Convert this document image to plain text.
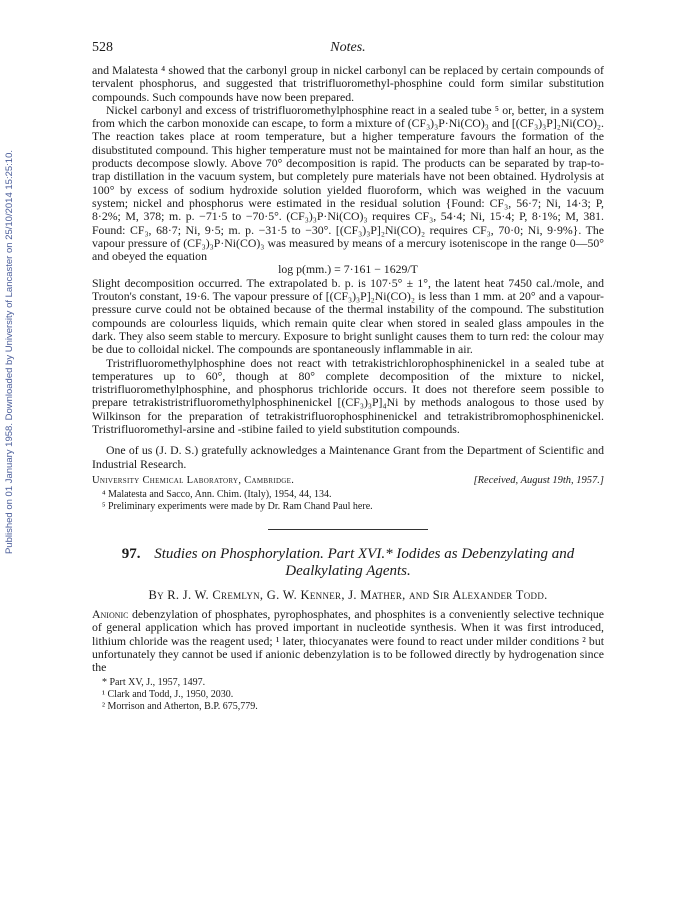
Published on 01 January 1958. Downloaded by University of Lancaster on 25/10/2014 15:25:10.
528	Notes.

and Malatesta ⁴ showed that the carbonyl group in nickel carbonyl can be replaced by certain compounds of tervalent phosphorus, and suggested that tristrifluoromethyl-phosphine could form similar substitution compounds. Such compounds have now been prepared.

Nickel carbonyl and excess of tristrifluoromethylphosphine react in a sealed tube ⁵ or, better, in a system from which the carbon monoxide can escape, to form a mixture of (CF₃)₃P·Ni(CO)₃ and [(CF₃)₃P]₂Ni(CO)₂. The reaction takes place at room temperature, but a higher temperature favours the formation of the disubstituted compound. This higher temperature must not be maintained for more than half an hour, as the products decompose slowly. Above 70° decomposition is rapid. The products can be separated by trap-to-trap distillation in the vacuum system, but completely pure materials have not been obtained. Hydrolysis at 100° by excess of sodium hydroxide solution yielded fluoroform, which was weighed in the vacuum system; nickel and phosphorus were estimated in the residual solution {Found: CF₃, 56·7; Ni, 14·3; P, 8·2%; M, 378; m. p. −71·5 to −70·5°. (CF₃)₃P·Ni(CO)₃ requires CF₃, 54·4; Ni, 15·4; P, 8·1%; M, 381. Found: CF₃, 68·7; Ni, 9·5; m. p. −31·5 to −30°. [(CF₃)₃P]₂Ni(CO)₂ requires CF₃, 70·0; Ni, 9·9%}. The vapour pressure of (CF₃)₃P·Ni(CO)₃ was measured by means of a mercury isoteniscope in the range 0—50° and obeyed the equation

log p(mm.) = 7·161 − 1629/T

Slight decomposition occurred. The extrapolated b. p. is 107·5° ± 1°, the latent heat 7450 cal./mole, and Trouton's constant, 19·6. The vapour pressure of [(CF₃)₃P]₂Ni(CO)₂ is less than 1 mm. at 20° and a vapour-pressure curve could not be obtained because of the thermal instability of the compound. The substitution compounds are colourless liquids, which remain quite clear when stored in sealed glass ampoules in the dark. They also seem stable to mercury. Exposure to bright sunlight causes them to turn red: the colour may be due to colloidal nickel. The compounds are spontaneously inflammable in air.

Tristrifluoromethylphosphine does not react with tetrakistrichlorophosphinenickel in a sealed tube at temperatures up to 60°, though at 80° complete decomposition of the mixture to nickel, tristrifluoromethylphosphine, and phosphorus trichloride occurs. It does not therefore seem possible to prepare tetrakistristrifluoromethylphosphinenickel [(CF₃)₃P]₄Ni by methods analogous to those used by Wilkinson for the preparation of tetrakistrifluorophosphinenickel and tetrakistribromophosphinenickel. Tristrifluoromethyl-arsine and -stibine failed to yield substitution compounds.

One of us (J. D. S.) gratefully acknowledges a Maintenance Grant from the Department of Scientific and Industrial Research.

University Chemical Laboratory, Cambridge.	[Received, August 19th, 1957.]
⁴ Malatesta and Sacco, Ann. Chim. (Italy), 1954, 44, 134.
⁵ Preliminary experiments were made by Dr. Ram Chand Paul here.
97. Studies on Phosphorylation. Part XVI.* Iodides as Debenzylating and Dealkylating Agents.
By R. J. W. Cremlyn, G. W. Kenner, J. Mather, and Sir Alexander Todd.

Anionic debenzylation of phosphates, pyrophosphates, and phosphites is a conveniently selective technique of general application which has proved important in nucleotide synthesis. When it was first introduced, lithium chloride was the reagent used; ¹ later, thiocyanates were found to react under milder conditions ² but unfortunately they cannot be used if anionic debenzylation is to be followed directly by hydrogenation since the

* Part XV, J., 1957, 1497.
¹ Clark and Todd, J., 1950, 2030.
² Morrison and Atherton, B.P. 675,779.
